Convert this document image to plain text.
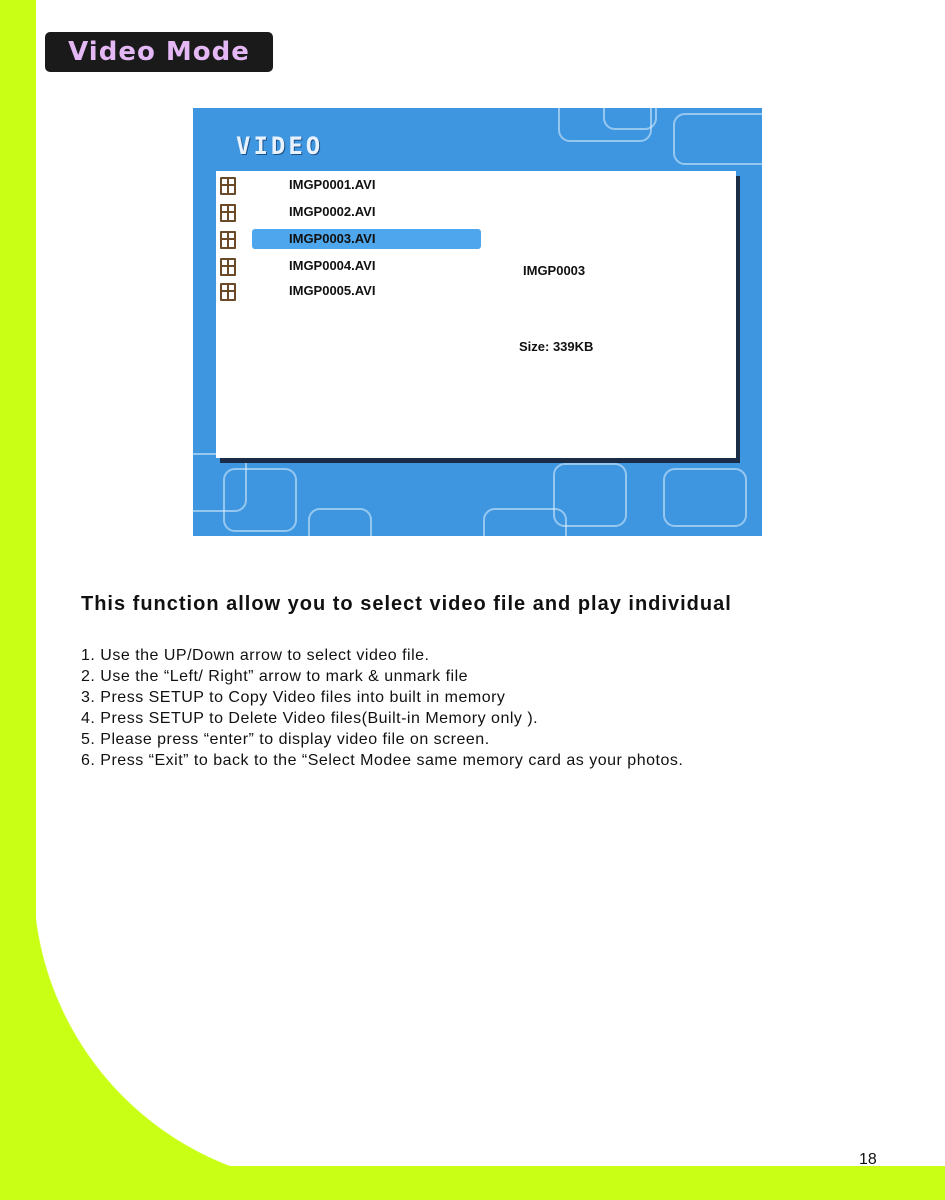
Video Mode
VIDEO
IMGP0001.AVI
IMGP0002.AVI
IMGP0003.AVI
IMGP0004.AVI
IMGP0005.AVI
IMGP0003
Size: 339KB
This function allow you to select video file and play individual
1. Use the UP/Down arrow to select video file.
2. Use the “Left/ Right” arrow to mark & unmark file
3. Press SETUP to Copy Video files into built in memory
4. Press SETUP to Delete Video files(Built-in Memory only ).
5. Please press “enter” to display video file on screen.
6. Press “Exit” to back to the “Select Modee same memory card as your photos.
18
